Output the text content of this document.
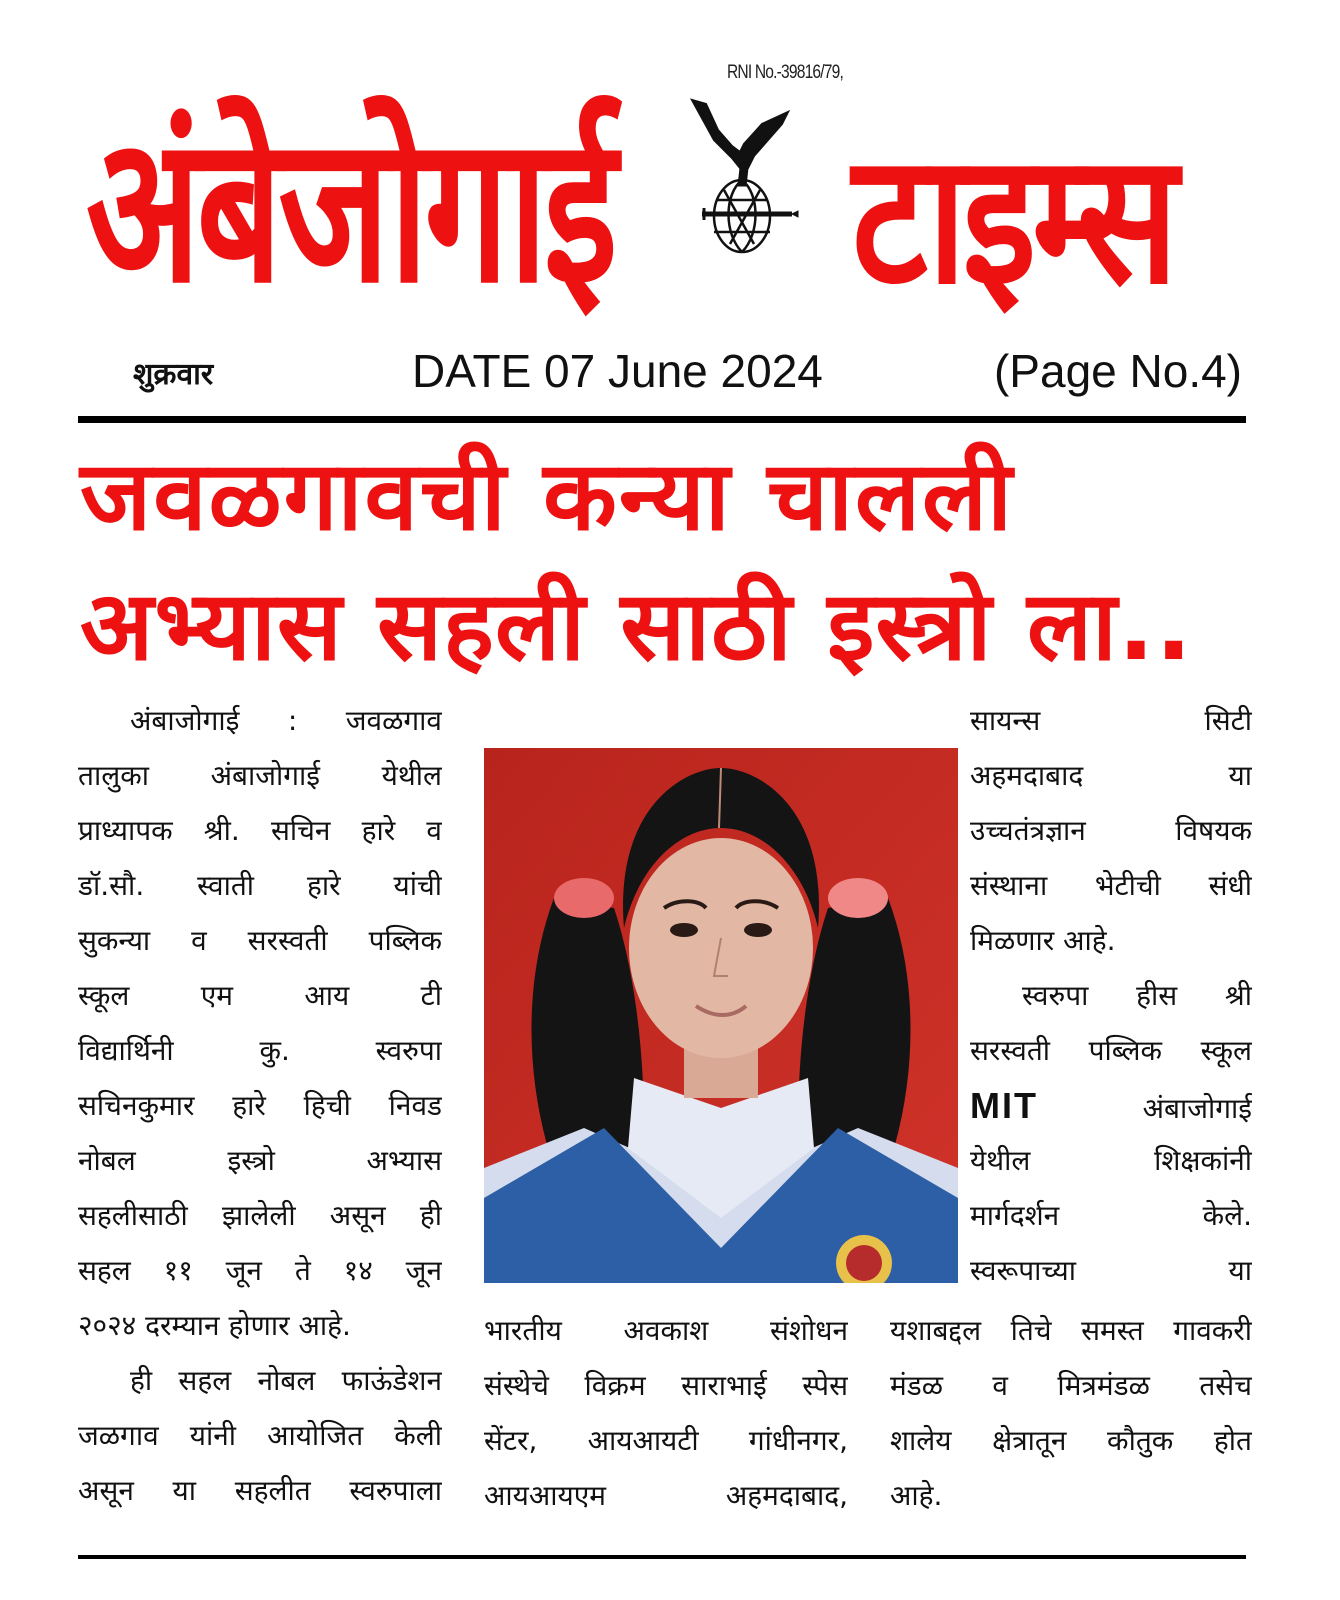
अंबेजोगाई
RNI No.-39816/79,
टाइम्स
शुक्रवार	DATE 07 June 2024	(Page No.4)
जवळगावची कन्या चालली
अभ्यास सहली साठी इस्त्रो ला..
अंबाजोगाई : जवळगाव
तालुका अंबाजोगाई येथील
प्राध्यापक श्री. सचिन हारे व
डॉ.सौ. स्वाती हारे यांची
सुकन्या व सरस्वती पब्लिक
स्कूल एम आय टी
विद्यार्थिनी कु. स्वरुपा
सचिनकुमार हारे हिची निवड
नोबल इस्त्रो अभ्यास
सहलीसाठी झालेली असून ही
सहल ११ जून ते १४ जून
२०२४ दरम्यान होणार आहे.
ही सहल नोबल फाऊंडेशन
जळगाव यांनी आयोजित केली
असून या सहलीत स्वरुपाला
भारतीय अवकाश संशोधन
संस्थेचे विक्रम साराभाई स्पेस
सेंटर, आयआयटी गांधीनगर,
आयआयएम अहमदाबाद,
सायन्स सिटी
अहमदाबाद या
उच्चतंत्रज्ञान विषयक
संस्थाना भेटीची संधी
मिळणार आहे.
स्वरुपा हीस श्री
सरस्वती पब्लिक स्कूल
MIT	अंबाजोगाई
येथील शिक्षकांनी
मार्गदर्शन केले.
स्वरूपाच्या या
यशाबद्दल तिचे समस्त गावकरी
मंडळ व मित्रमंडळ तसेच
शालेय क्षेत्रातून कौतुक होत
आहे.
